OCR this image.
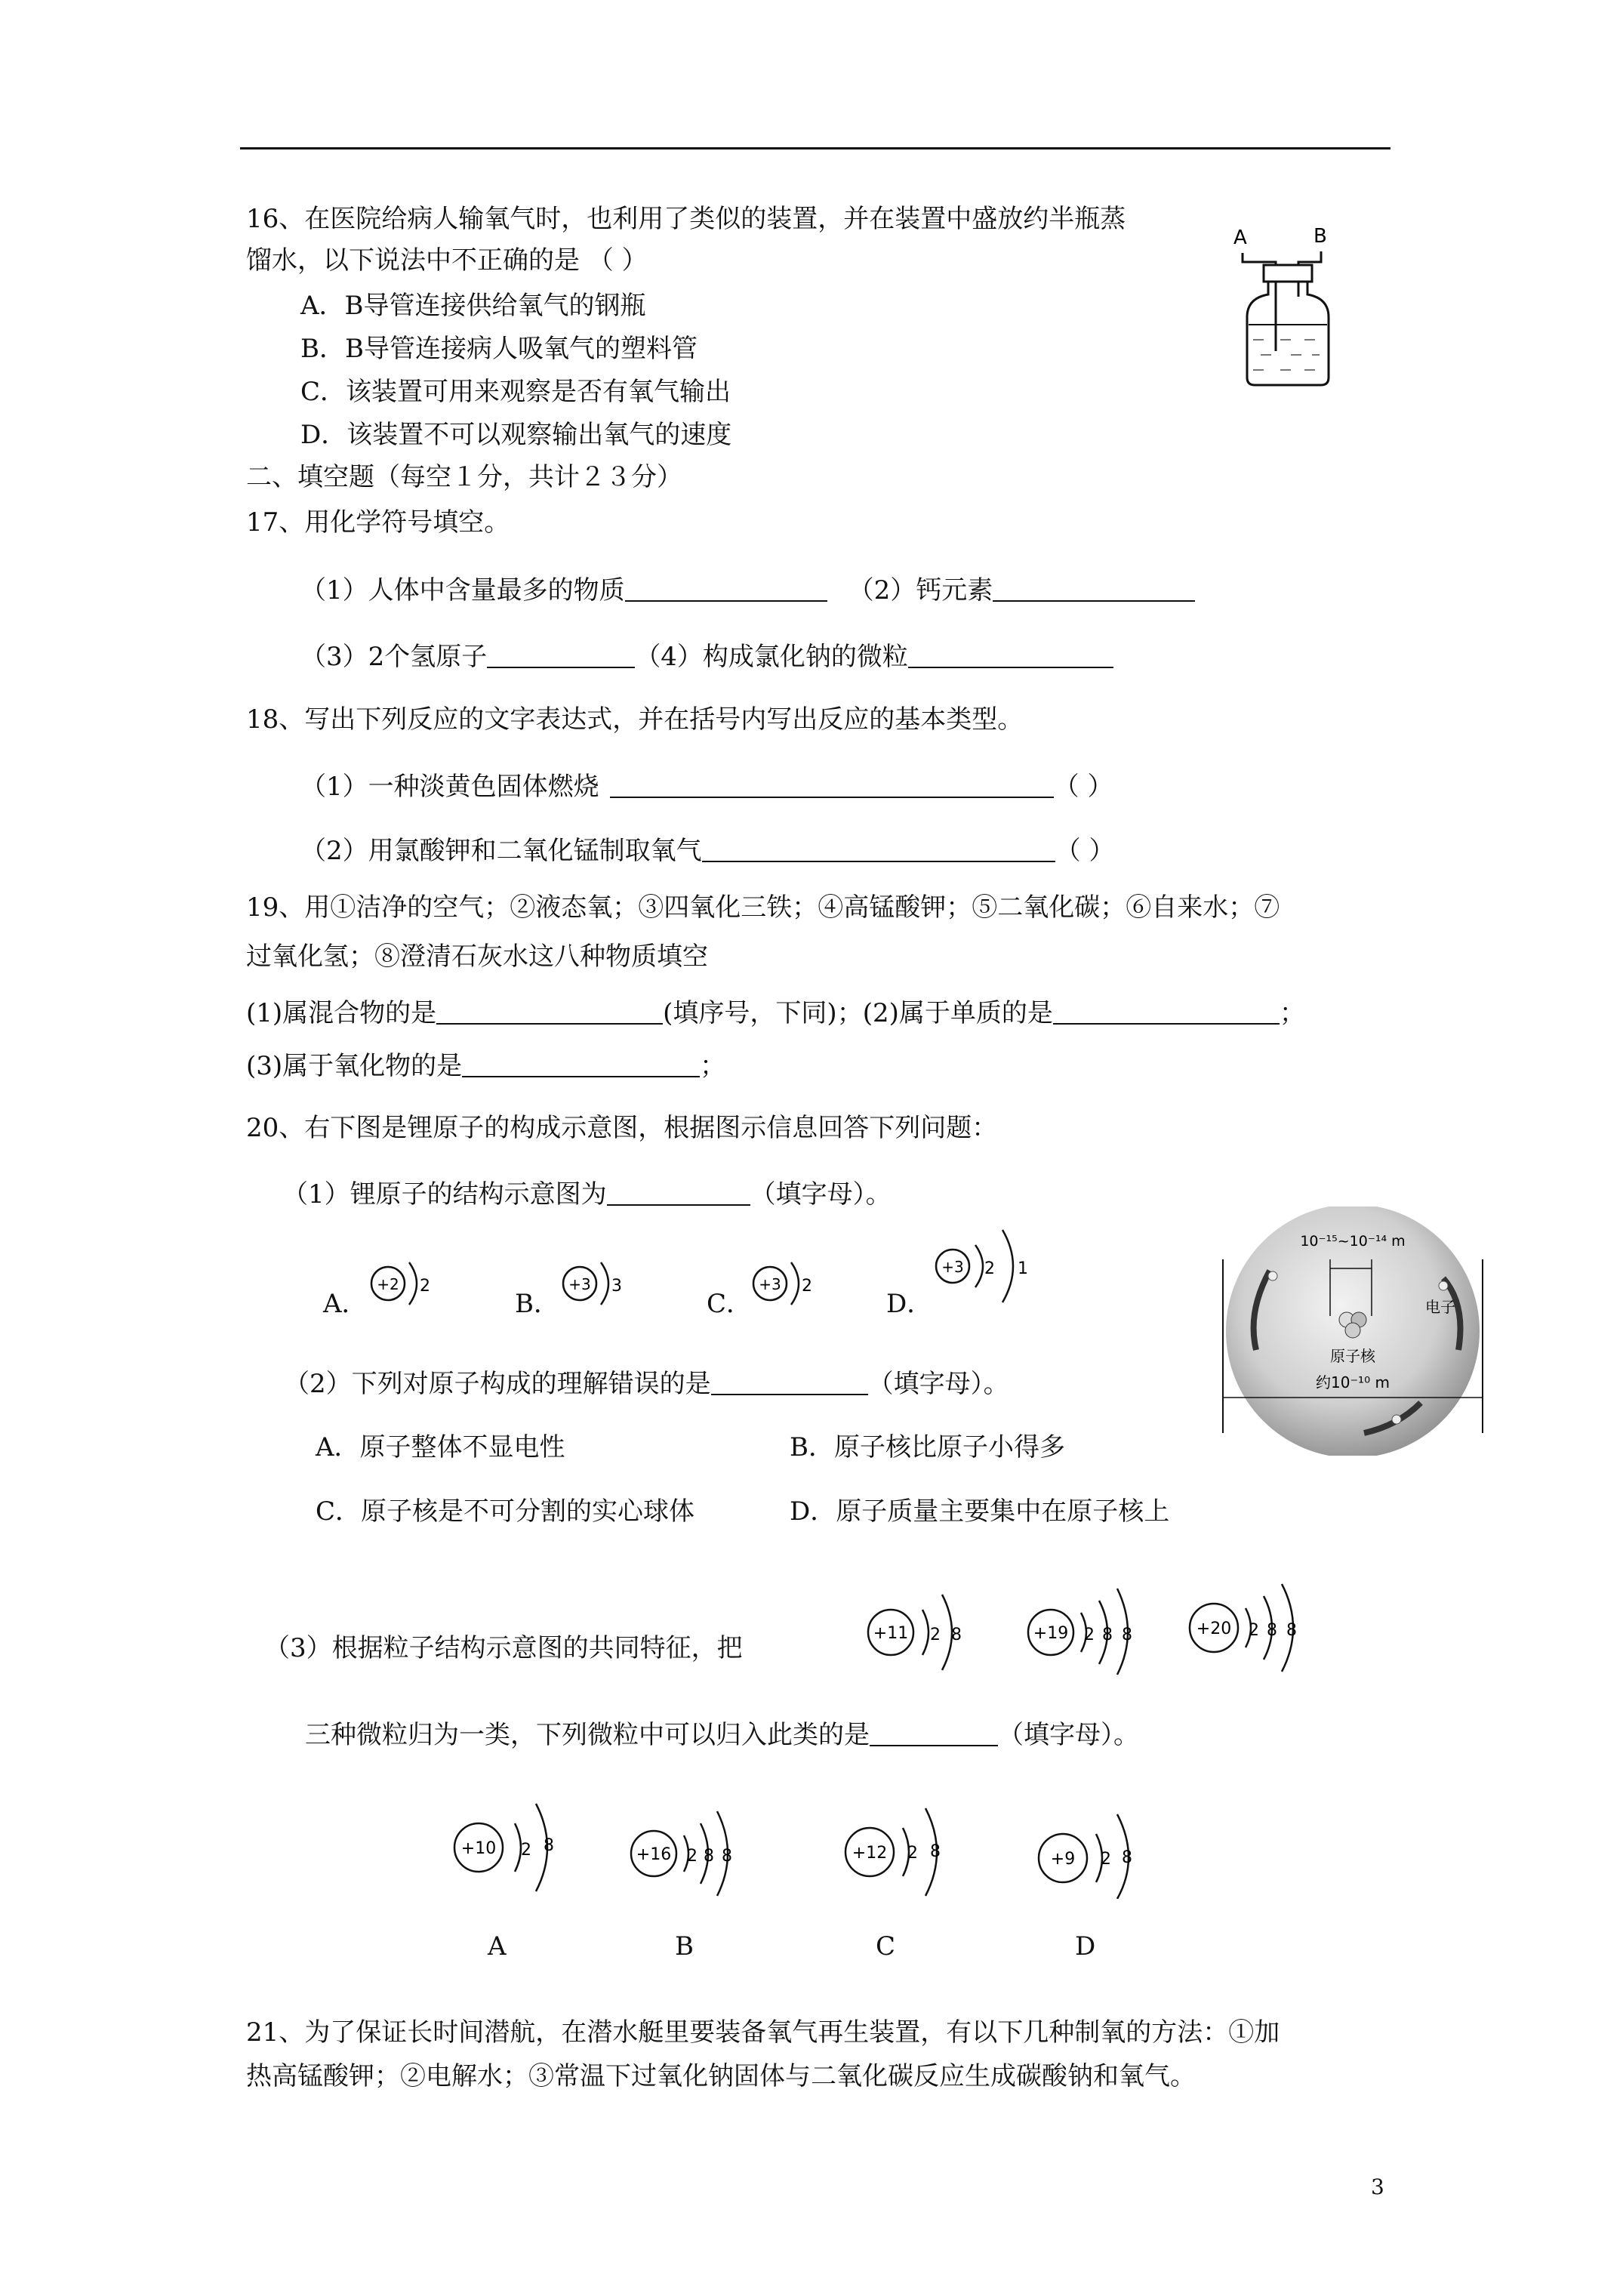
16、在医院给病人输氧气时，也利用了类似的装置，并在装置中盛放约半瓶蒸
馏水，以下说法中不正确的是 （ ）
A．B导管连接供给氧气的钢瓶
B．B导管连接病人吸氧气的塑料管
C．该装置可用来观察是否有氧气输出
D．该装置不可以观察输出氧气的速度
A	B
二、填空题（每空１分，共计２３分）
17、用化学符号填空。
（1）人体中含量最多的物质	（2）钙元素
（3）2个氢原子	（4）构成氯化钠的微粒
18、写出下列反应的文字表达式，并在括号内写出反应的基本类型。
（1）一种淡黄色固体燃烧	（ ）
（2）用氯酸钾和二氧化锰制取氧气	（ ）
19、用①洁净的空气；②液态氧；③四氧化三铁；④高锰酸钾；⑤二氧化碳；⑥自来水；⑦
过氧化氢；⑧澄清石灰水这八种物质填空
(1)属混合物的是	(填序号，下同)；(2)属于单质的是	；
(3)属于氧化物的是	；
20、右下图是锂原子的构成示意图，根据图示信息回答下列问题：
（1）锂原子的结构示意图为	（填字母）。
A．
+2 2
B．
+3 3
C．
+3 2
D．
+3 2 1
10⁻¹⁵~10⁻¹⁴ m
原子核
电子
约10⁻¹⁰ m
（2）下列对原子构成的理解错误的是	（填字母）。
A．原子整体不显电性	B．原子核比原子小得多
C．原子核是不可分割的实心球体	D．原子质量主要集中在原子核上
（3）根据粒子结构示意图的共同特征，把	+11 2 8	+19 2 8 8	+20 2 8 8
三种微粒归为一类，下列微粒中可以归入此类的是	（填字母）。
+10 2 8	+16 2 8 8	+12 2 8	+9 2 8
A	B	C	D
21、为了保证长时间潜航，在潜水艇里要装备氧气再生装置，有以下几种制氧的方法：①加
热高锰酸钾；②电解水；③常温下过氧化钠固体与二氧化碳反应生成碳酸钠和氧气。
3
